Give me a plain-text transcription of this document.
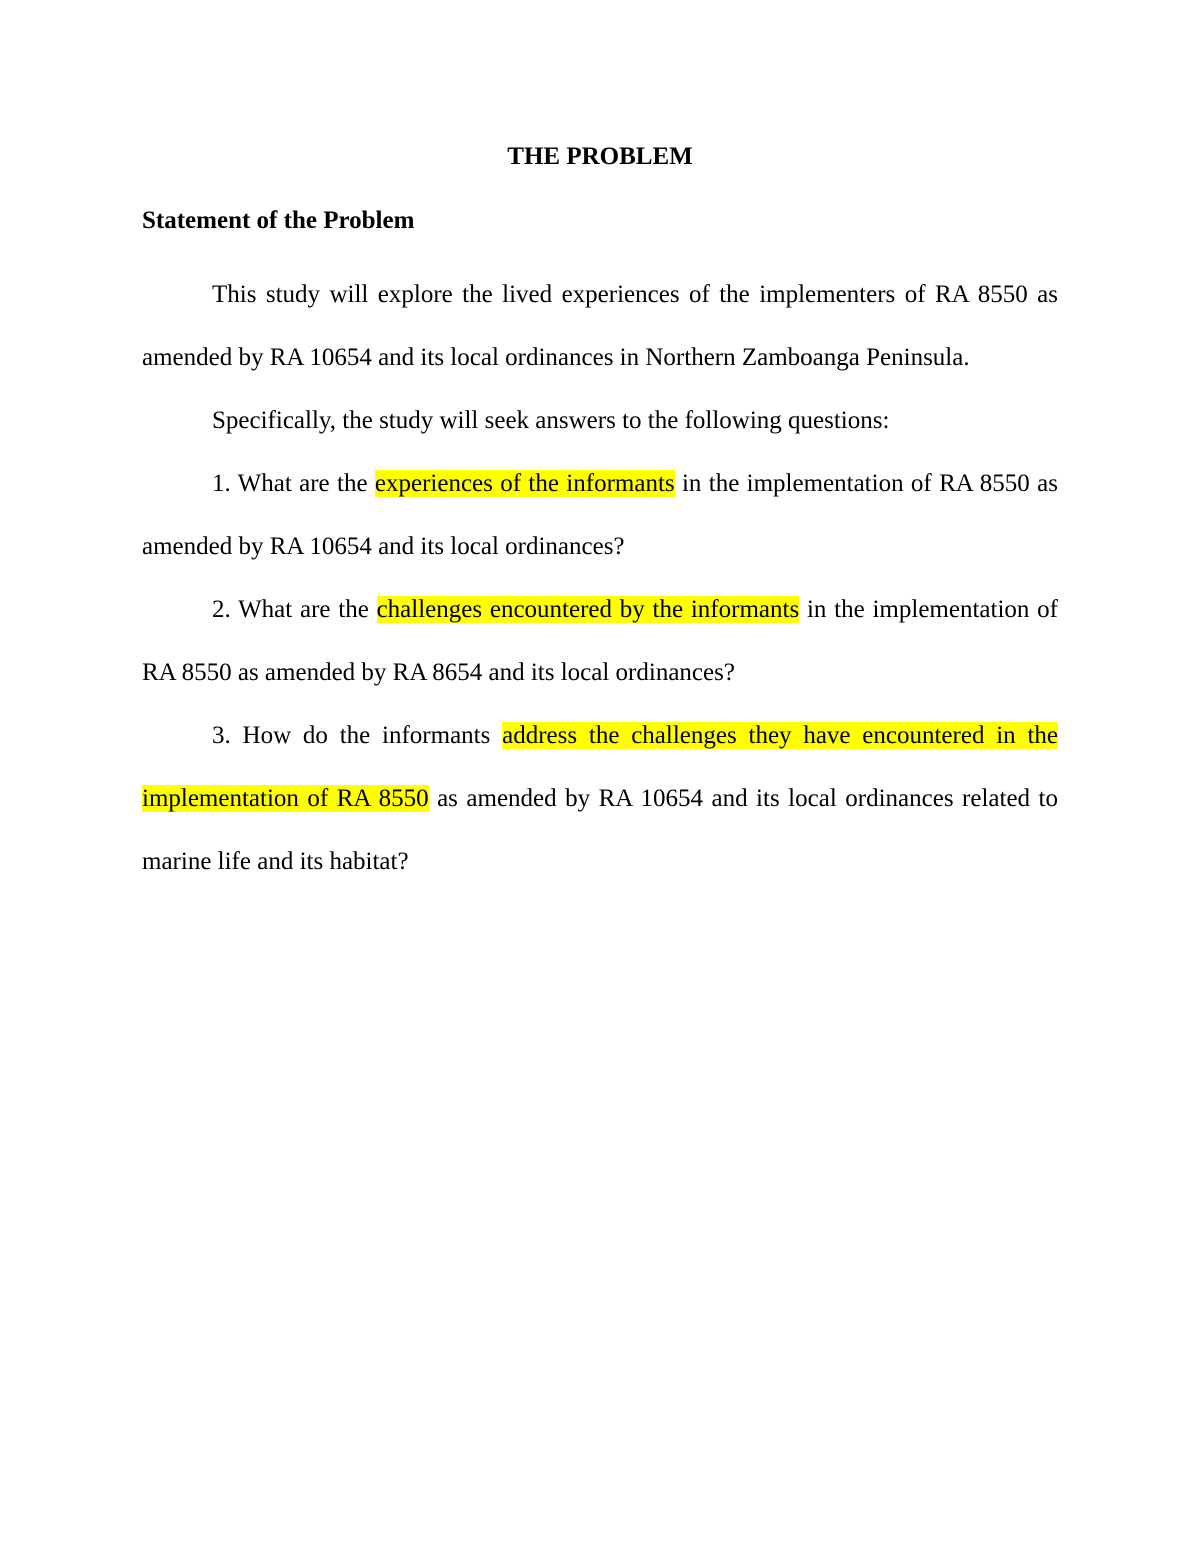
THE PROBLEM
Statement of the Problem

This study will explore the lived experiences of the implementers of RA 8550 as amended by RA 10654 and its local ordinances in Northern Zamboanga Peninsula.

Specifically, the study will seek answers to the following questions:

1. What are the experiences of the informants in the implementation of RA 8550 as amended by RA 10654 and its local ordinances?

2. What are the challenges encountered by the informants in the implementation of RA 8550 as amended by RA 8654 and its local ordinances?

3. How do the informants address the challenges they have encountered in the implementation of RA 8550 as amended by RA 10654 and its local ordinances related to marine life and its habitat?
